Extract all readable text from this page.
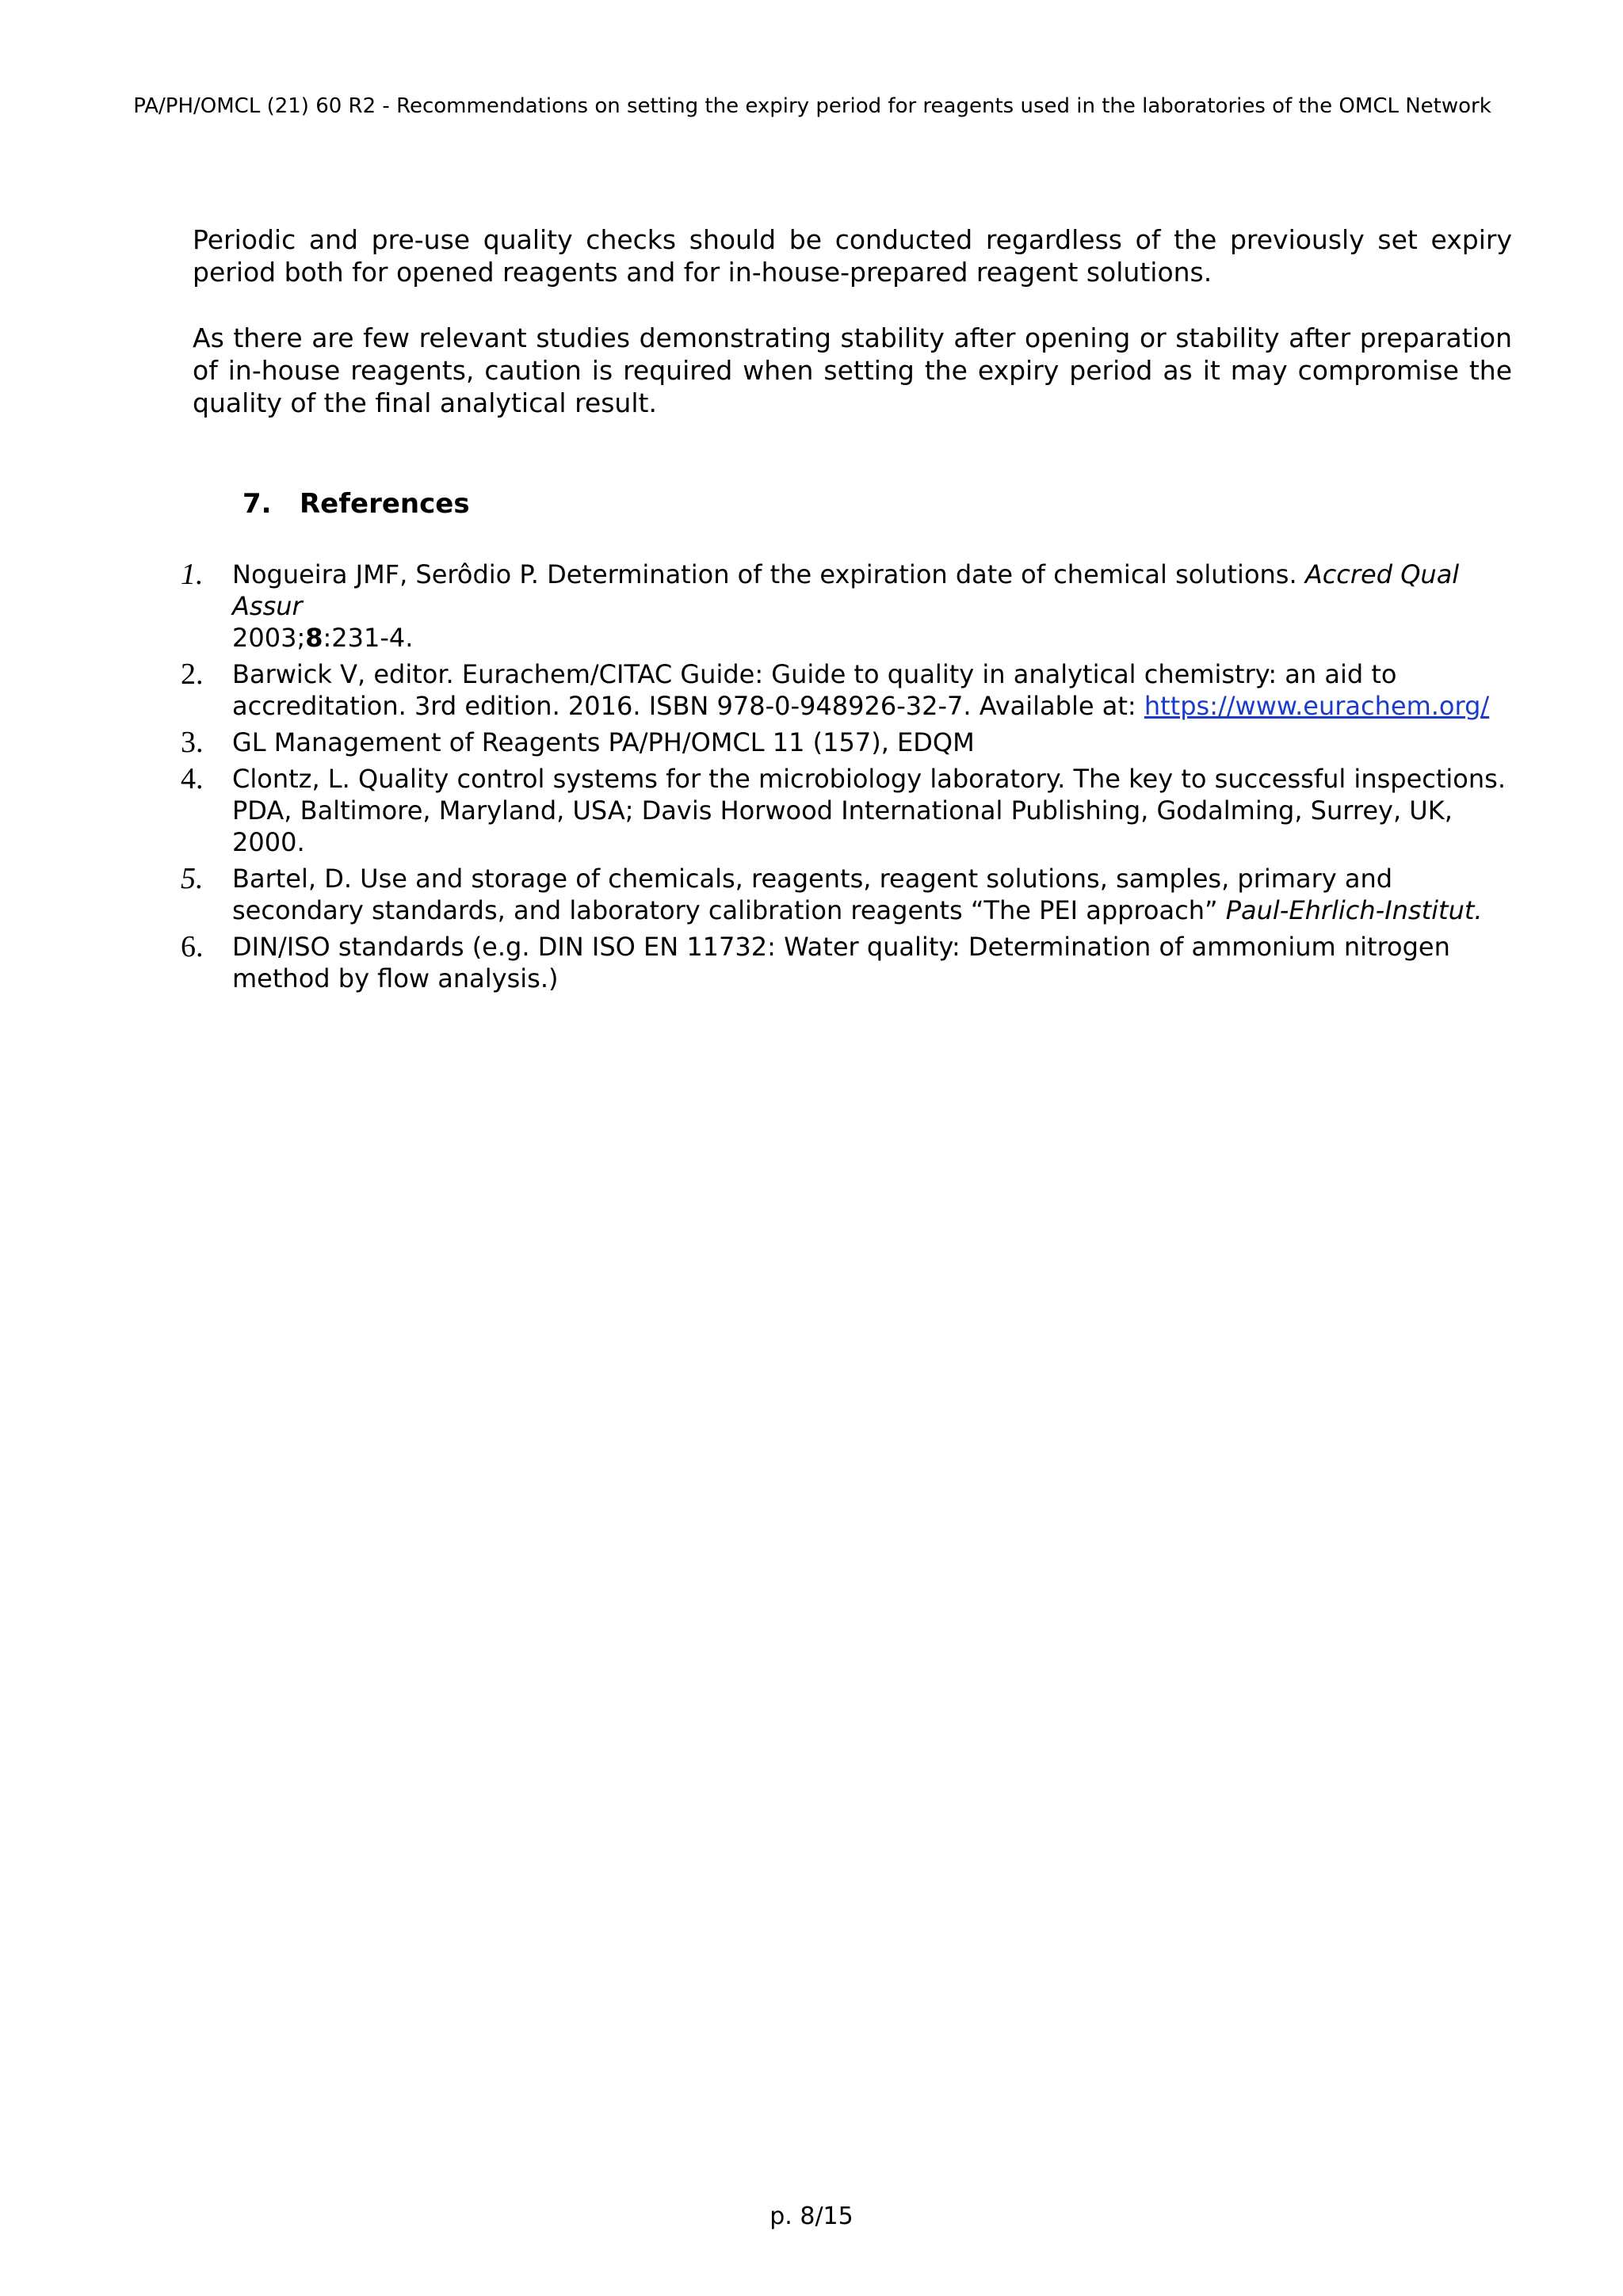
PA/PH/OMCL (21) 60 R2 - Recommendations on setting the expiry period for reagents used in the laboratories of the OMCL Network

Periodic and pre-use quality checks should be conducted regardless of the previously set expiry period both for opened reagents and for in-house-prepared reagent solutions.

As there are few relevant studies demonstrating stability after opening or stability after preparation of in-house reagents, caution is required when setting the expiry period as it may compromise the quality of the final analytical result.

7. References
1. Nogueira JMF, Serôdio P. Determination of the expiration date of chemical solutions. Accred Qual Assur
2003;8:231-4.
2. Barwick V, editor. Eurachem/CITAC Guide: Guide to quality in analytical chemistry: an aid to accreditation. 3rd edition. 2016. ISBN 978-0-948926-32-7. Available at: https://www.eurachem.org/
3. GL Management of Reagents PA/PH/OMCL 11 (157), EDQM
4. Clontz, L. Quality control systems for the microbiology laboratory. The key to successful inspections. PDA, Baltimore, Maryland, USA; Davis Horwood International Publishing, Godalming, Surrey, UK, 2000.
5. Bartel, D. Use and storage of chemicals, reagents, reagent solutions, samples, primary and secondary standards, and laboratory calibration reagents “The PEI approach” Paul-Ehrlich-Institut.
6. DIN/ISO standards (e.g. DIN ISO EN 11732: Water quality: Determination of ammonium nitrogen method by flow analysis.)
p. 8/15
